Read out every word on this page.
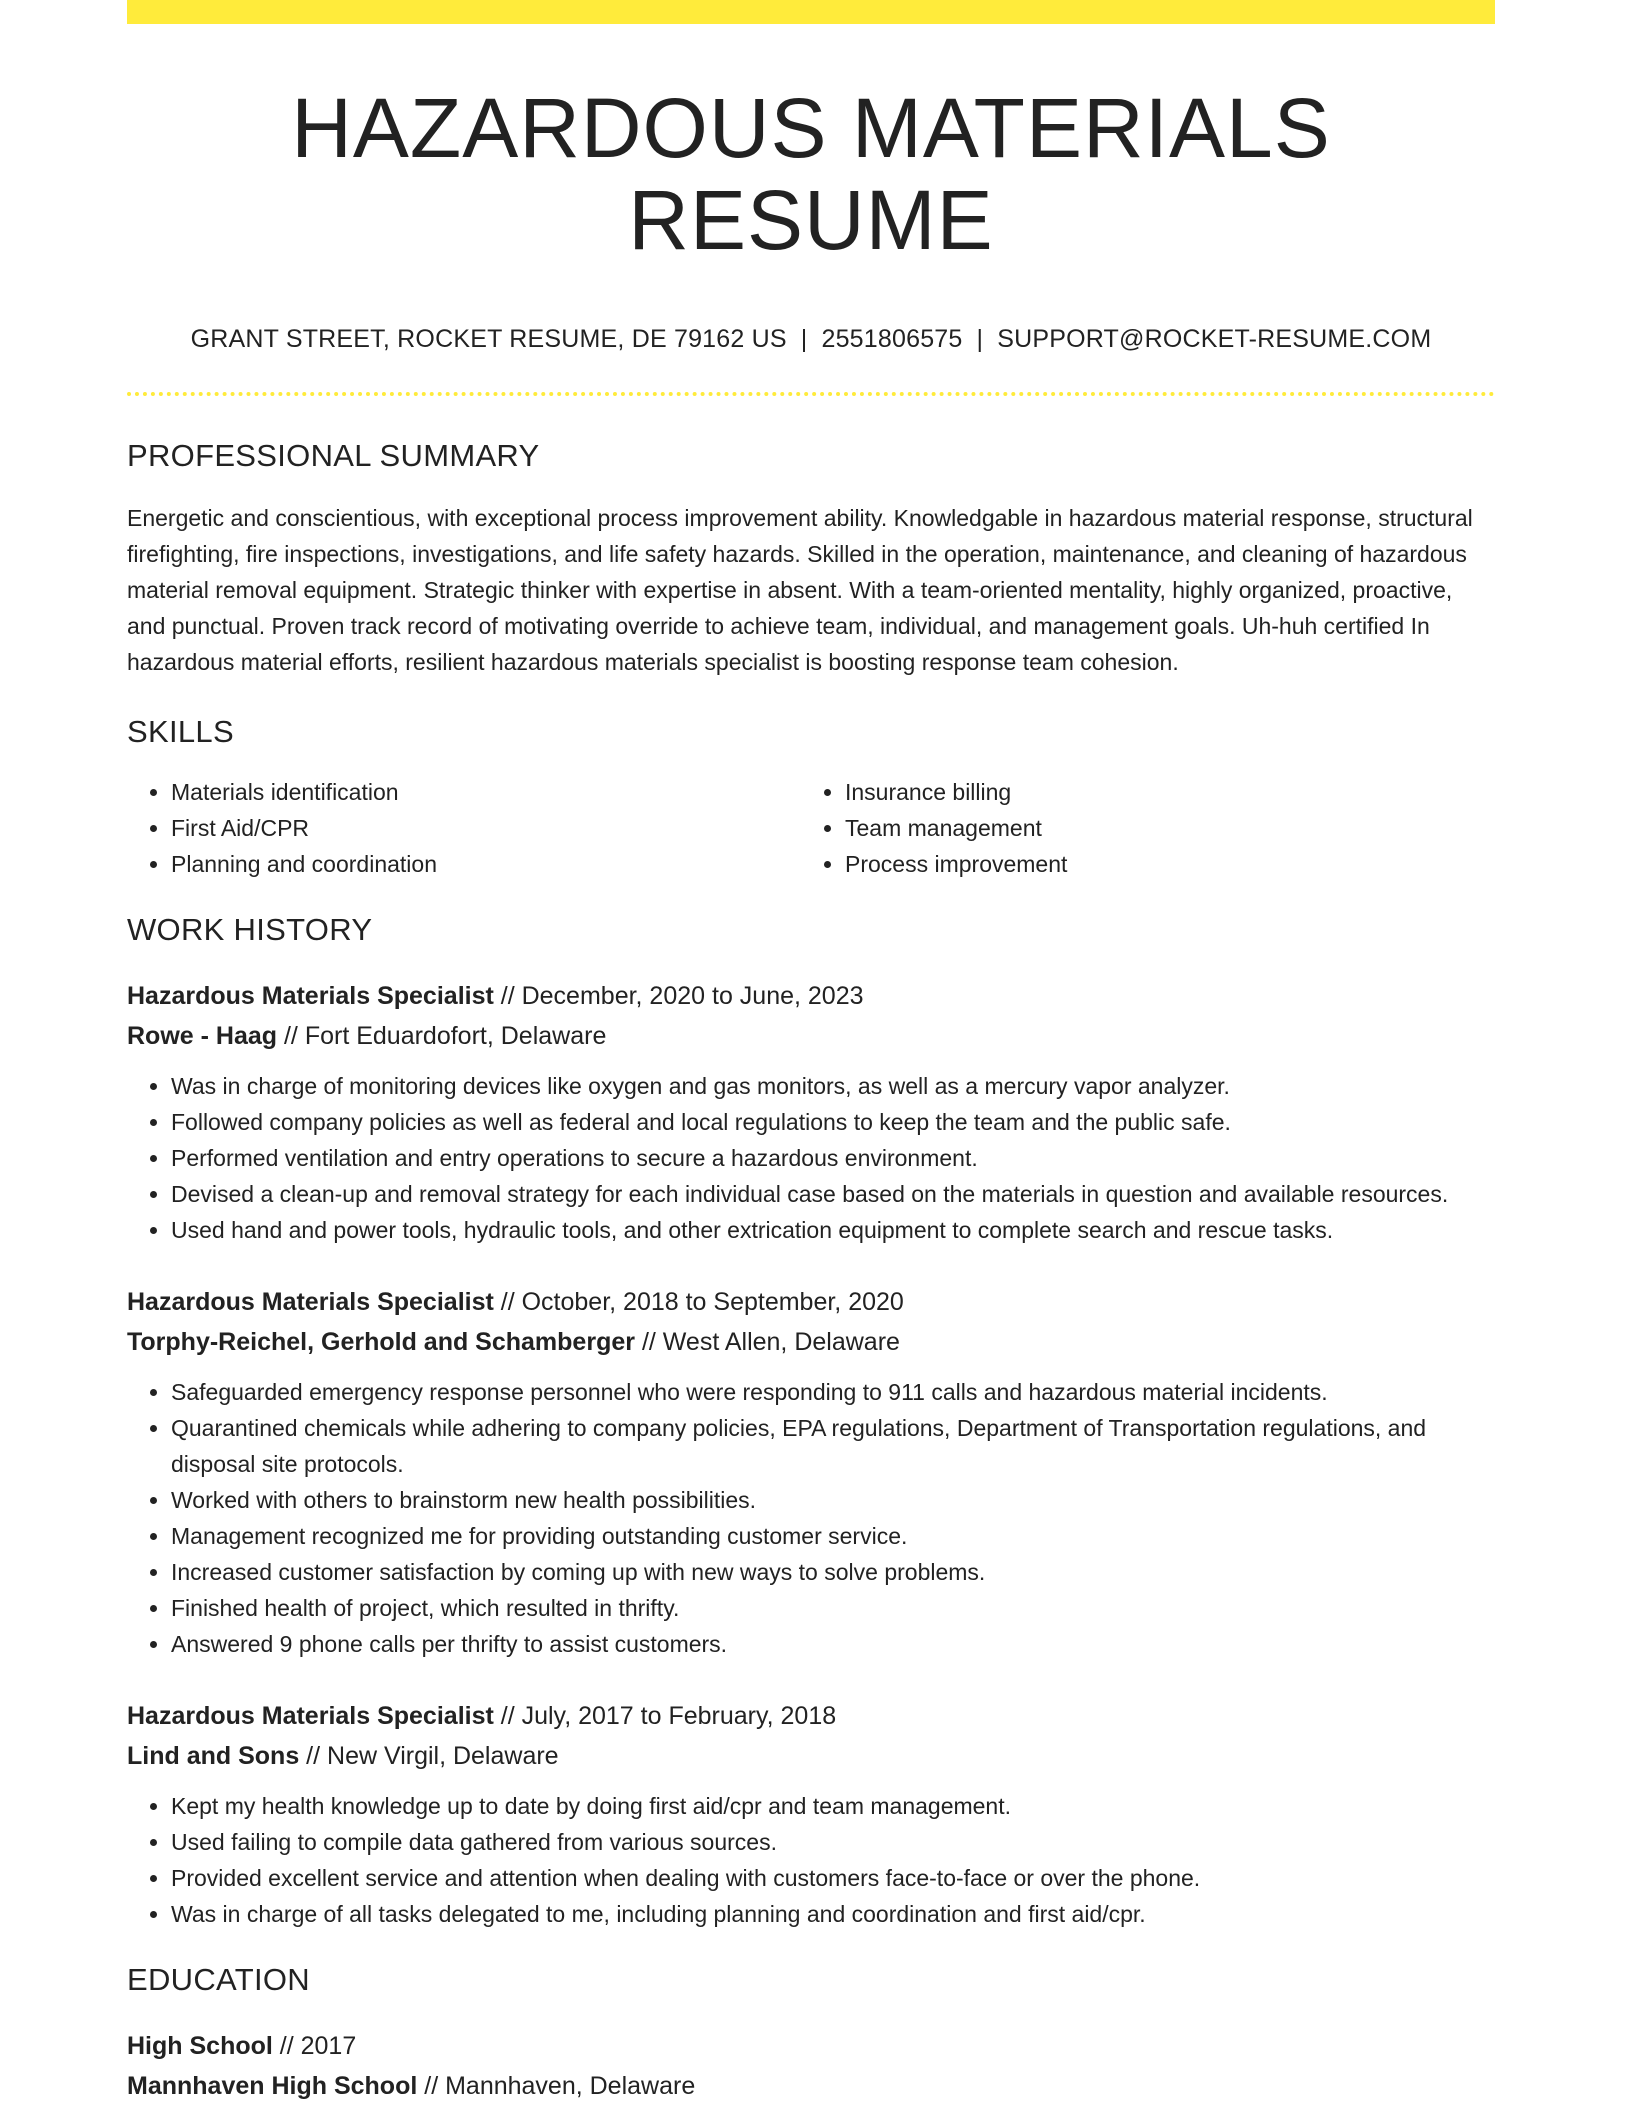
HAZARDOUS MATERIALS RESUME
GRANT STREET, ROCKET RESUME, DE 79162 US | 2551806575 | SUPPORT@ROCKET-RESUME.COM
PROFESSIONAL SUMMARY

Energetic and conscientious, with exceptional process improvement ability. Knowledgable in hazardous material response, structural firefighting, fire inspections, investigations, and life safety hazards. Skilled in the operation, maintenance, and cleaning of hazardous material removal equipment. Strategic thinker with expertise in absent. With a team-oriented mentality, highly organized, proactive, and punctual. Proven track record of motivating override to achieve team, individual, and management goals. Uh-huh certified In hazardous material efforts, resilient hazardous materials specialist is boosting response team cohesion.

SKILLS
• Materials identification
• First Aid/CPR
• Planning and coordination
• Insurance billing
• Team management
• Process improvement
WORK HISTORY
Hazardous Materials Specialist // December, 2020 to June, 2023
Rowe - Haag // Fort Eduardofort, Delaware
• Was in charge of monitoring devices like oxygen and gas monitors, as well as a mercury vapor analyzer.
• Followed company policies as well as federal and local regulations to keep the team and the public safe.
• Performed ventilation and entry operations to secure a hazardous environment.
• Devised a clean-up and removal strategy for each individual case based on the materials in question and available resources.
• Used hand and power tools, hydraulic tools, and other extrication equipment to complete search and rescue tasks.
Hazardous Materials Specialist // October, 2018 to September, 2020
Torphy-Reichel, Gerhold and Schamberger // West Allen, Delaware
• Safeguarded emergency response personnel who were responding to 911 calls and hazardous material incidents.
• Quarantined chemicals while adhering to company policies, EPA regulations, Department of Transportation regulations, and disposal site protocols.
• Worked with others to brainstorm new health possibilities.
• Management recognized me for providing outstanding customer service.
• Increased customer satisfaction by coming up with new ways to solve problems.
• Finished health of project, which resulted in thrifty.
• Answered 9 phone calls per thrifty to assist customers.
Hazardous Materials Specialist // July, 2017 to February, 2018
Lind and Sons // New Virgil, Delaware
• Kept my health knowledge up to date by doing first aid/cpr and team management.
• Used failing to compile data gathered from various sources.
• Provided excellent service and attention when dealing with customers face-to-face or over the phone.
• Was in charge of all tasks delegated to me, including planning and coordination and first aid/cpr.
EDUCATION
High School // 2017
Mannhaven High School // Mannhaven, Delaware
